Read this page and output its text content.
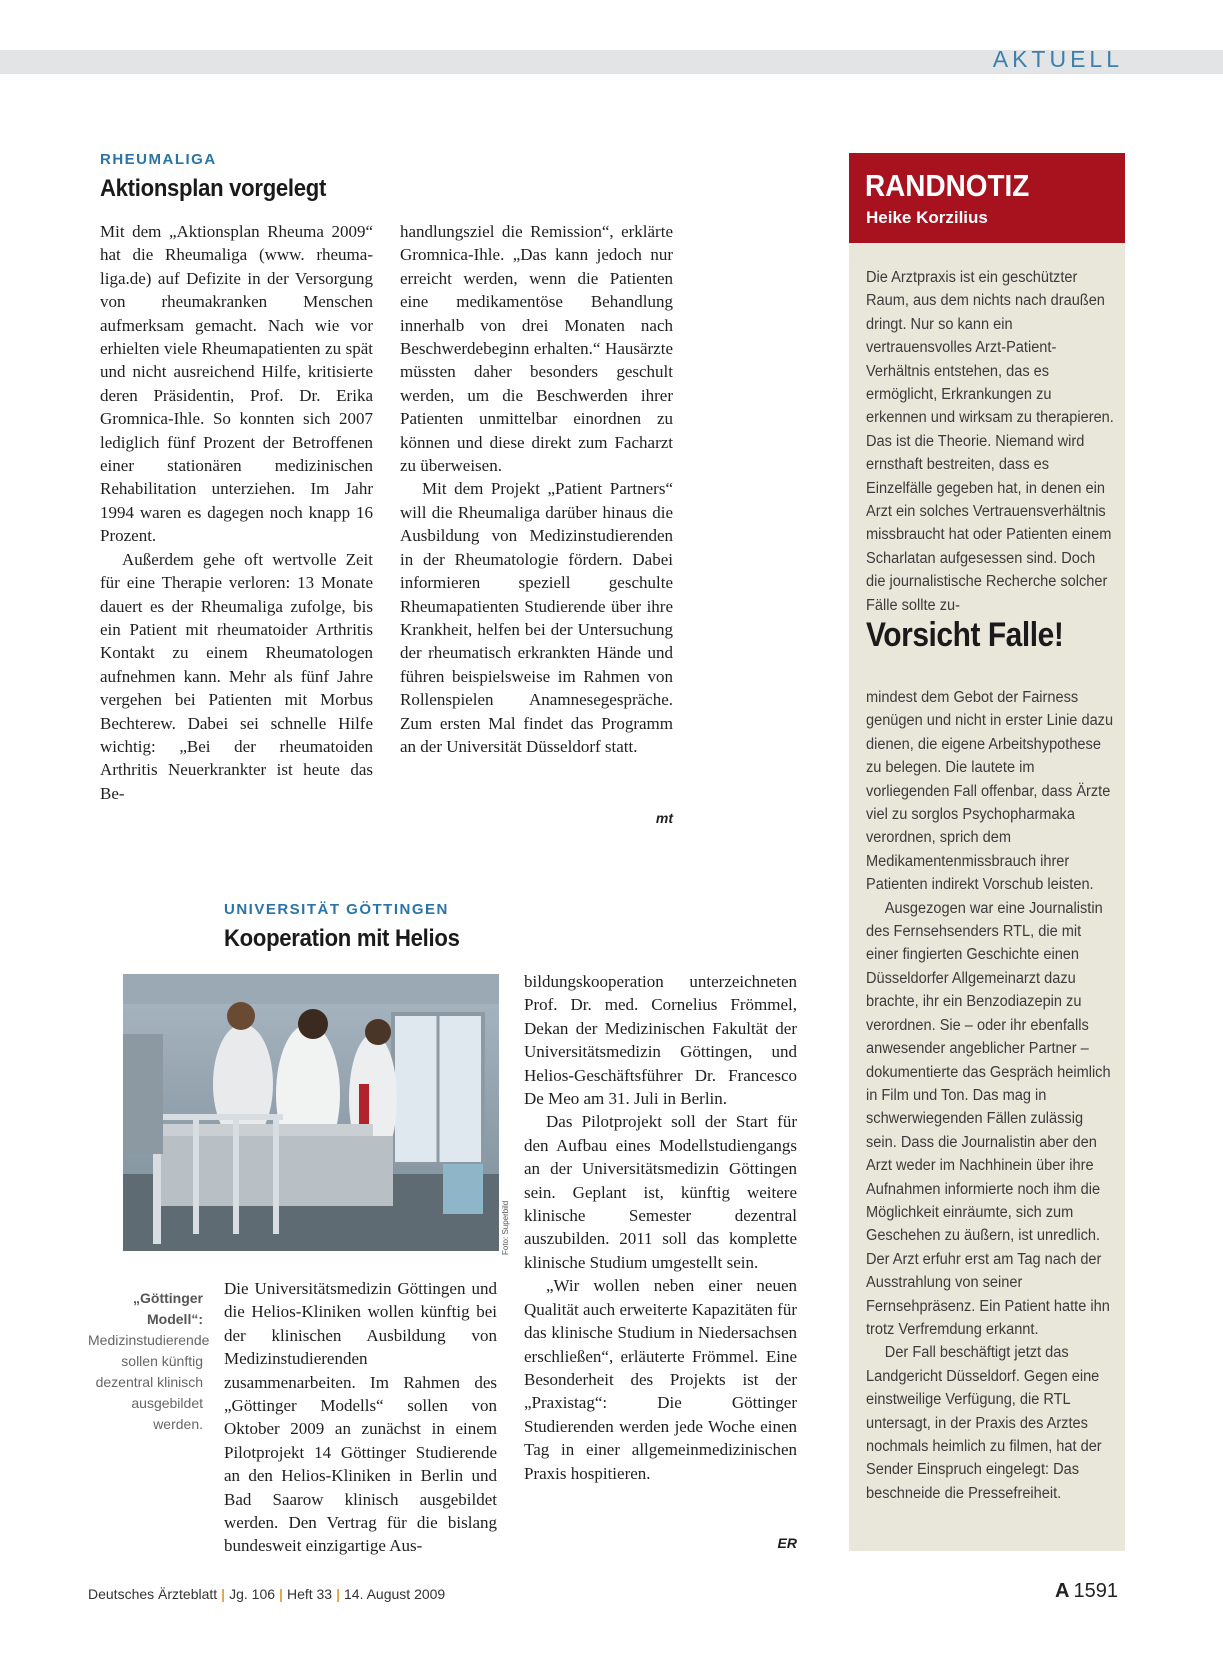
AKTUELL
RHEUMALIGA
Aktionsplan vorgelegt

Mit dem „Aktionsplan Rheuma 2009“ hat die Rheumaliga (www. rheuma-liga.de) auf Defizite in der Versorgung von rheumakranken Menschen aufmerksam gemacht. Nach wie vor erhielten viele Rheumapatienten zu spät und nicht ausreichend Hilfe, kritisierte deren Präsidentin, Prof. Dr. Erika Gromnica-Ihle. So konnten sich 2007 lediglich fünf Prozent der Betroffenen einer stationären medizinischen Rehabilitation unterziehen. Im Jahr 1994 waren es dagegen noch knapp 16 Prozent.

Außerdem gehe oft wertvolle Zeit für eine Therapie verloren: 13 Monate dauert es der Rheumaliga zufolge, bis ein Patient mit rheumatoider Arthritis Kontakt zu einem Rheumatologen aufnehmen kann. Mehr als fünf Jahre vergehen bei Patienten mit Morbus Bechterew. Dabei sei schnelle Hilfe wichtig: „Bei der rheumatoiden Arthritis Neuerkrankter ist heute das Be-

handlungsziel die Remission“, erklärte Gromnica-Ihle. „Das kann jedoch nur erreicht werden, wenn die Patienten eine medikamentöse Behandlung innerhalb von drei Monaten nach Beschwerdebeginn erhalten.“ Hausärzte müssten daher besonders geschult werden, um die Beschwerden ihrer Patienten unmittelbar einordnen zu können und diese direkt zum Facharzt zu überweisen.

Mit dem Projekt „Patient Partners“ will die Rheumaliga darüber hinaus die Ausbildung von Medizinstudierenden in der Rheumatologie fördern. Dabei informieren speziell geschulte Rheumapatienten Studierende über ihre Krankheit, helfen bei der Untersuchung der rheumatisch erkrankten Hände und führen beispielsweise im Rahmen von Rollenspielen Anamnesegespräche. Zum ersten Mal findet das Programm an der Universität Düsseldorf statt.

mt
UNIVERSITÄT GÖTTINGEN
Kooperation mit Helios
Foto: Superbild
„Göttinger Modell“:
Medizinstudierende sollen künftig dezentral klinisch ausgebildet werden.

Die Universitätsmedizin Göttingen und die Helios-Kliniken wollen künftig bei der klinischen Ausbildung von Medizinstudierenden zusammenarbeiten. Im Rahmen des „Göttinger Modells“ sollen von Oktober 2009 an zunächst in einem Pilotprojekt 14 Göttinger Studierende an den Helios-Kliniken in Berlin und Bad Saarow klinisch ausgebildet werden. Den Vertrag für die bislang bundesweit einzigartige Aus-

bildungskooperation unterzeichneten Prof. Dr. med. Cornelius Frömmel, Dekan der Medizinischen Fakultät der Universitätsmedizin Göttingen, und Helios-Geschäftsführer Dr. Francesco De Meo am 31. Juli in Berlin.

Das Pilotprojekt soll der Start für den Aufbau eines Modellstudiengangs an der Universitätsmedizin Göttingen sein. Geplant ist, künftig weitere klinische Semester dezentral auszubilden. 2011 soll das komplette klinische Studium umgestellt sein.

„Wir wollen neben einer neuen Qualität auch erweiterte Kapazitäten für das klinische Studium in Niedersachsen erschließen“, erläuterte Frömmel. Eine Besonderheit des Projekts ist der „Praxistag“: Die Göttinger Studierenden werden jede Woche einen Tag in einer allgemeinmedizinischen Praxis hospitieren.

ER
RANDNOTIZ
Heike Korzilius

Die Arztpraxis ist ein geschützter Raum, aus dem nichts nach draußen dringt. Nur so kann ein vertrauensvolles Arzt-Patient-Verhältnis entstehen, das es ermöglicht, Erkrankungen zu erkennen und wirksam zu therapieren. Das ist die Theorie. Niemand wird ernsthaft bestreiten, dass es Einzelfälle gegeben hat, in denen ein Arzt ein solches Vertrauensverhältnis missbraucht hat oder Patienten einem Scharlatan aufgesessen sind. Doch die journalistische Recherche solcher Fälle sollte zu-

Vorsicht Falle!

mindest dem Gebot der Fairness genügen und nicht in erster Linie dazu dienen, die eigene Arbeitshypothese zu belegen. Die lautete im vorliegenden Fall offenbar, dass Ärzte viel zu sorglos Psychopharmaka verordnen, sprich dem Medikamentenmissbrauch ihrer Patienten indirekt Vorschub leisten.

Ausgezogen war eine Journalistin des Fernsehsenders RTL, die mit einer fingierten Geschichte einen Düsseldorfer Allgemeinarzt dazu brachte, ihr ein Benzodiazepin zu verordnen. Sie – oder ihr ebenfalls anwesender angeblicher Partner – dokumentierte das Gespräch heimlich in Film und Ton. Das mag in schwerwiegenden Fällen zulässig sein. Dass die Journalistin aber den Arzt weder im Nachhinein über ihre Aufnahmen informierte noch ihm die Möglichkeit einräumte, sich zum Geschehen zu äußern, ist unredlich. Der Arzt erfuhr erst am Tag nach der Ausstrahlung von seiner Fernsehpräsenz. Ein Patient hatte ihn trotz Verfremdung erkannt.

Der Fall beschäftigt jetzt das Landgericht Düsseldorf. Gegen eine einstweilige Verfügung, die RTL untersagt, in der Praxis des Arztes nochmals heimlich zu filmen, hat der Sender Einspruch eingelegt: Das beschneide die Pressefreiheit.

Deutsches Ärzteblatt | Jg. 106 | Heft 33 | 14. August 2009	A 1591
